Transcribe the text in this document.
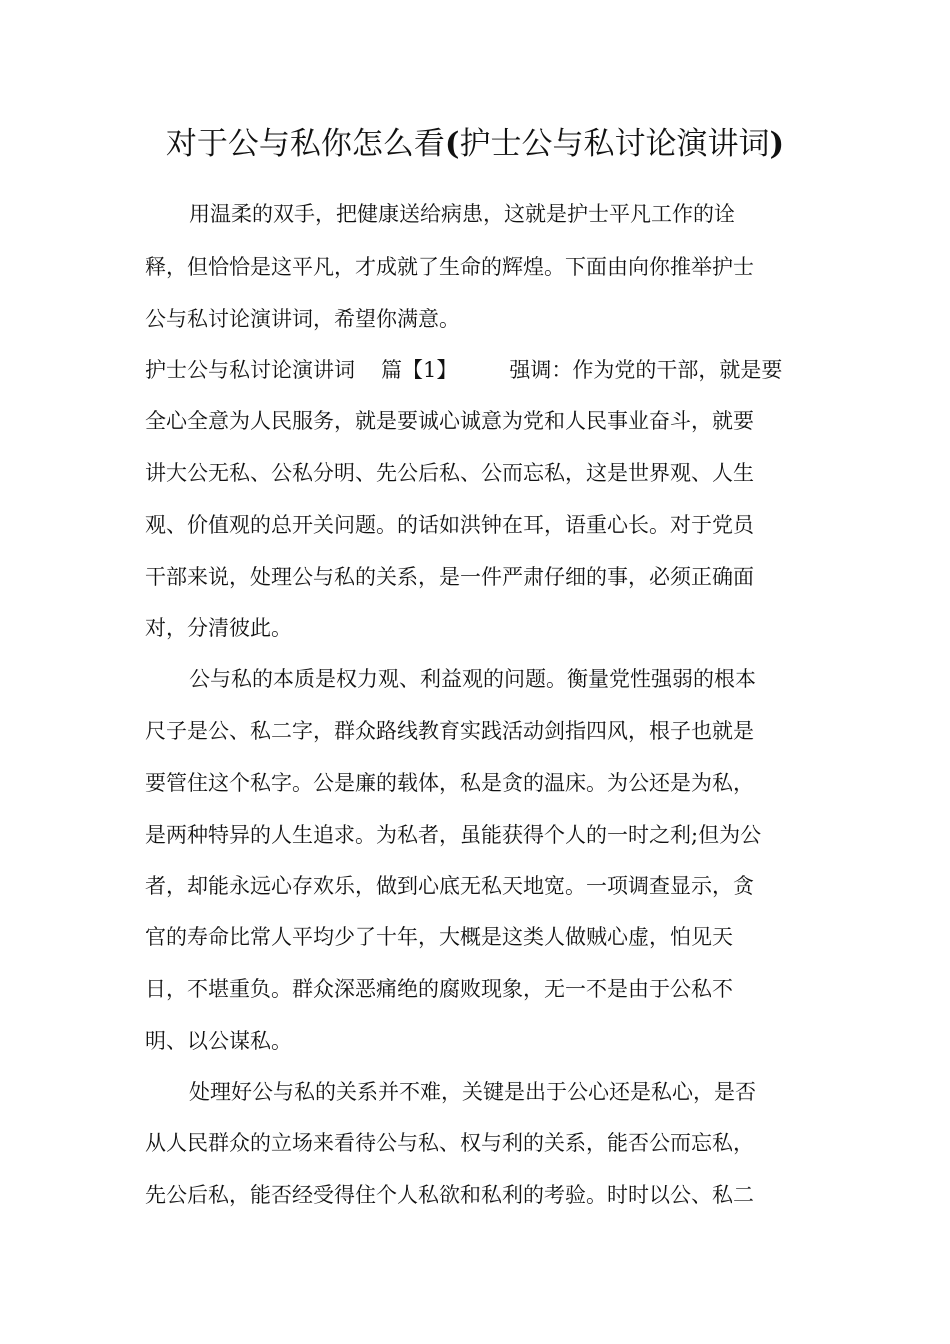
对于公与私你怎么看(护士公与私讨论演讲词)

用温柔的双手，把健康送给病患，这就是护士平凡工作的诠

释，但恰恰是这平凡，才成就了生命的辉煌。下面由向你推举护士

公与私讨论演讲词，希望你满意。

护士公与私讨论演讲词 篇【1】 强调：作为党的干部，就是要

全心全意为人民服务，就是要诚心诚意为党和人民事业奋斗，就要

讲大公无私、公私分明、先公后私、公而忘私，这是世界观、人生

观、价值观的总开关问题。的话如洪钟在耳，语重心长。对于党员

干部来说，处理公与私的关系，是一件严肃仔细的事，必须正确面

对，分清彼此。

公与私的本质是权力观、利益观的问题。衡量党性强弱的根本

尺子是公、私二字，群众路线教育实践活动剑指四风，根子也就是

要管住这个私字。公是廉的载体，私是贪的温床。为公还是为私，

是两种特异的人生追求。为私者，虽能获得个人的一时之利;但为公

者，却能永远心存欢乐，做到心底无私天地宽。一项调查显示，贪

官的寿命比常人平均少了十年，大概是这类人做贼心虚，怕见天

日，不堪重负。群众深恶痛绝的腐败现象，无一不是由于公私不

明、以公谋私。

处理好公与私的关系并不难，关键是出于公心还是私心，是否

从人民群众的立场来看待公与私、权与利的关系，能否公而忘私，

先公后私，能否经受得住个人私欲和私利的考验。时时以公、私二
